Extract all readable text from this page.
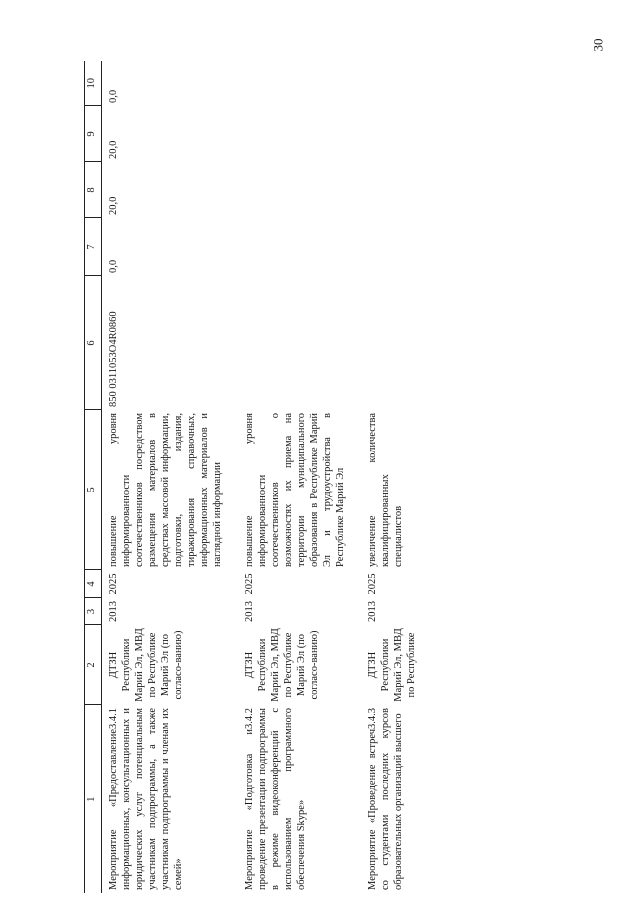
30
1	2	3	4	5	6	7	8	9	10

3.4.1
Мероприятие «Предоставление информационных, консультационных и юридических услуг потенциальным участникам подпрограммы, а также участникам подпрограммы и членам их семей»	ДТЗН Республики Марий Эл, МВД по Республике Марий Эл (по согласо-ванию)	2013	2025	повышение уровня информированности соотечественников посредством размещения материалов в средствах массовой информации, подготовки, издания, тиражирования справочных, информационных материалов и наглядной информации	850 0311053О4R0860	0,0	20,0	20,0	0,0

3.4.2
Мероприятие «Подготовка и проведение презентации подпрограммы в режиме видеоконференций с использованием программного обеспечения Skype»	ДТЗН Республики Марий Эл, МВД по Республике Марий Эл (по согласо-ванию)	2013	2025	повышение уровня информированности соотечественников о возможностях их приема на территории муниципального образования в Республике Марий Эл и трудоустройства в Республике Марий Эл					

3.4.3
Мероприятие «Проведение встреч со студентами последних курсов образовательных организаций высшего	ДТЗН Республики Марий Эл, МВД по Республике	2013	2025	увеличение количества квалифицированных специалистов					
